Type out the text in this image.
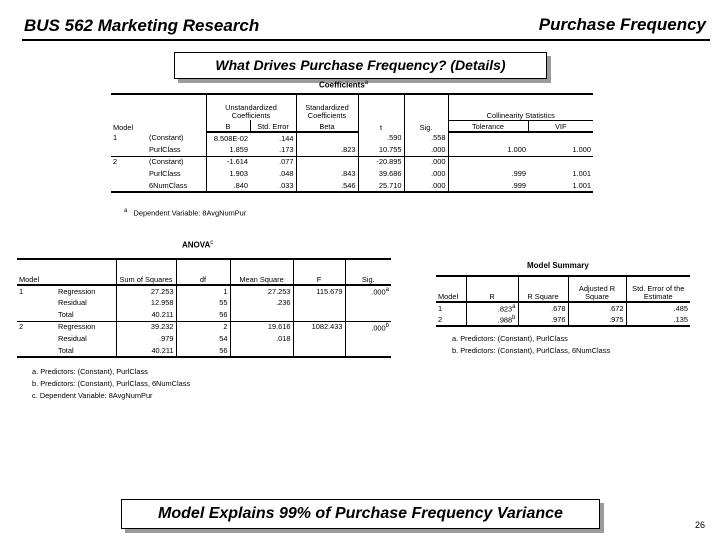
BUS 562 Marketing Research	Purchase Frequency
What Drives Purchase Frequency? (Details)
Coefficients$^a$
Model		Unstandardized Coefficients		Standardized Coefficients	t	Sig.		
							Collinearity Statistics	
		B	Std. Error	Beta			Tolerance	VIF
1	(Constant)	8.508E-02	.144		.590	.558		
	PurlClass	1.859	.173	.823	10.755	.000	1.000	1.000
2	(Constant)	-1.614	.077		-20.895	.000		
	PurlClass	1.903	.048	.843	39.686	.000	.999	1.001
	6NumClass	.840	.033	.546	25.710	.000	.999	1.001
$^a$ Dependent Variable: 8AvgNumPur
ANOVA$^c$
Model		Sum of Squares	df	Mean Square	F	Sig.
1	Regression	27.253	1	27.253	115.679	.000$^a$
	Residual	12.958	55	.236		
	Total	40.211	56			
2	Regression	39.232	2	19.616	1082.433	.000$^b$
	Residual	.979	54	.018		
	Total	40.211	56			
a. Predictors: (Constant), PurlClass
b. Predictors: (Constant), PurlClass, 6NumClass
c. Dependent Variable: 8AvgNumPur
Model Summary
Model	R	R Square	Adjusted R Square	Std. Error of the Estimate
1	.823$^a$	.678	.672	.485
2	.988$^b$	.976	.975	.135
a. Predictors: (Constant), PurlClass
b. Predictors: (Constant), PurlClass, 6NumClass
Model Explains 99% of Purchase Frequency Variance
26
